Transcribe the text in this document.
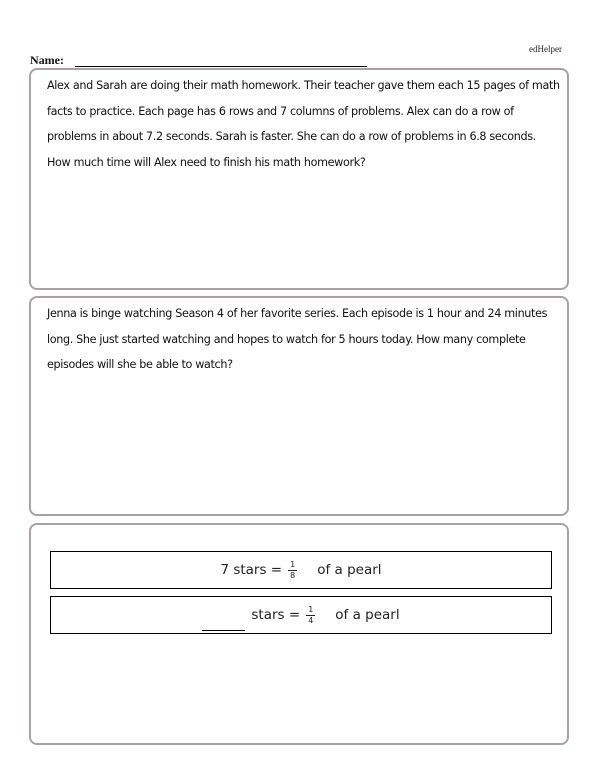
edHelper
Name:

Alex and Sarah are doing their math homework. Their teacher gave them each 15 pages of math facts to practice. Each page has 6 rows and 7 columns of problems. Alex can do a row of problems in about 7.2 seconds. Sarah is faster. She can do a row of problems in 6.8 seconds.

How much time will Alex need to finish his math homework?

Jenna is binge watching Season 4 of her favorite series. Each episode is 1 hour and 24 minutes long. She just started watching and hopes to watch for 5 hours today. How many complete episodes will she be able to watch?

7 stars = $\frac{1}{8}$ of a pearl
stars = $\frac{1}{4}$ of a pearl
